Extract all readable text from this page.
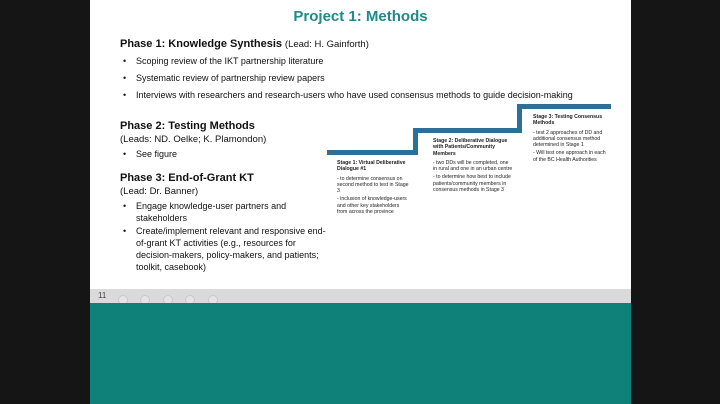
Project 1: Methods
Phase 1: Knowledge Synthesis (Lead: H. Gainforth)
• Scoping review of the IKT partnership literature
• Systematic review of partnership review papers
• Interviews with researchers and research-users who have used consensus methods to guide decision-making
Phase 2: Testing Methods
(Leads: ND. Oelke; K. Plamondon)
• See figure
Phase 3: End-of-Grant KT
(Lead: Dr. Banner)
• Engage knowledge-user partners and stakeholders
• Create/implement relevant and responsive end-of-grant KT activities (e.g., resources for decision-makers, policy-makers, and patients; toolkit, casebook)
Stage 1: Virtual Deliberative Dialogue #1

- to determine consensus on second method to test in Stage 3

- inclusion of knowledge-users and other key stakeholders from across the province

Stage 2: Deliberative Dialogue with Patients/Community Members

- two DDs will be completed, one in rural and one in an urban centre

- to determine how best to include patients/community members in consensus methods in Stage 3

Stage 3: Testing Consensus Methods

- test 2 approaches of DD and additional consensus method determined in Stage 1

- Will test one approach in each of the BC Health Authorities

11
